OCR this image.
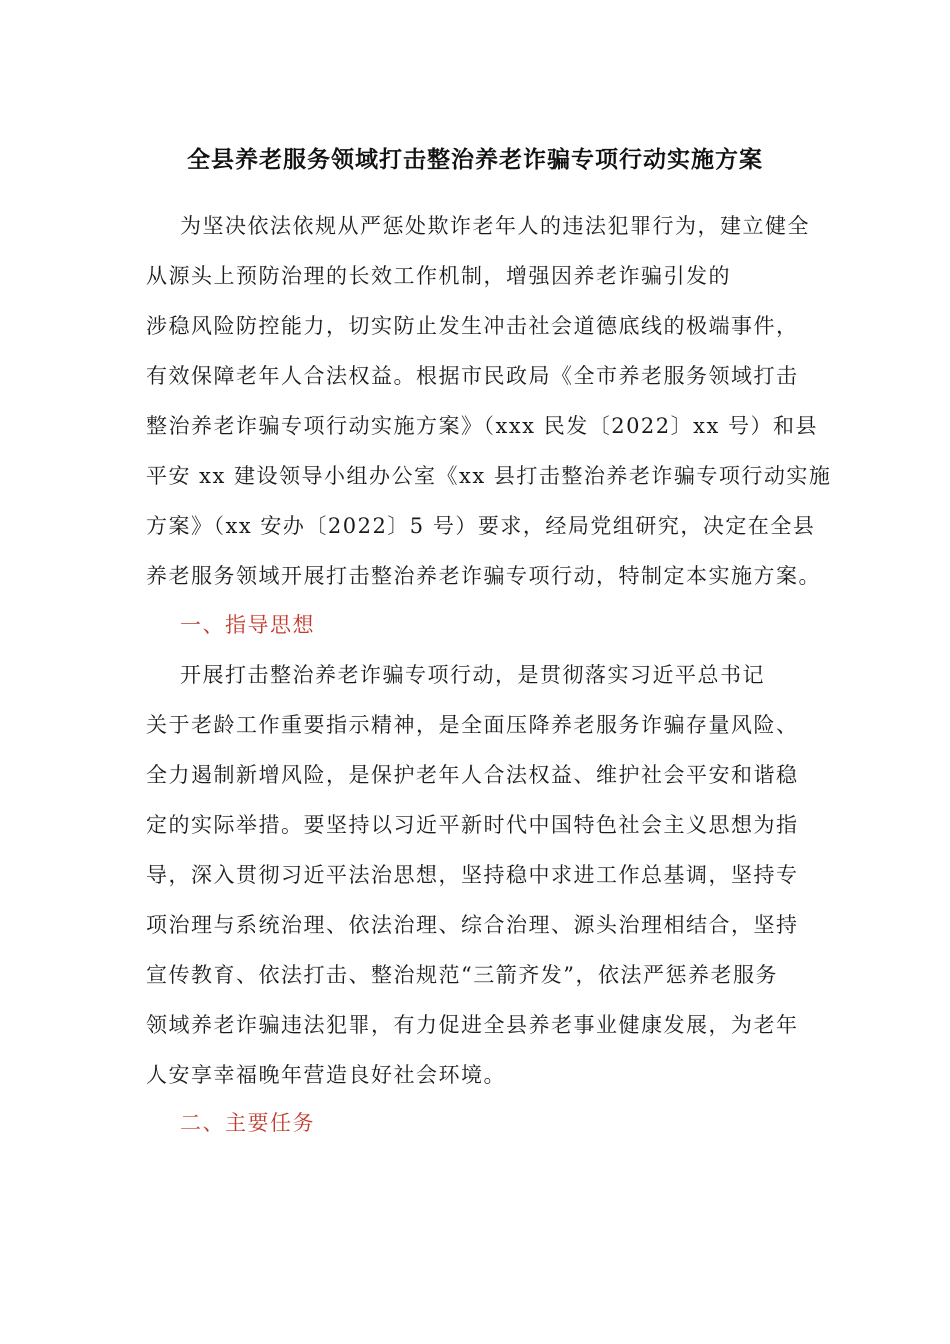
全县养老服务领域打击整治养老诈骗专项行动实施方案
为坚决依法依规从严惩处欺诈老年人的违法犯罪行为，建立健全
从源头上预防治理的长效工作机制，增强因养老诈骗引发的
涉稳风险防控能力，切实防止发生冲击社会道德底线的极端事件，
有效保障老年人合法权益。根据市民政局《全市养老服务领域打击
整治养老诈骗专项行动实施方案》（xxx 民发〔2022〕xx 号）和县
平安 xx 建设领导小组办公室《xx 县打击整治养老诈骗专项行动实施
方案》（xx 安办〔2022〕5 号）要求，经局党组研究，决定在全县
养老服务领域开展打击整治养老诈骗专项行动，特制定本实施方案。
一、指导思想
开展打击整治养老诈骗专项行动，是贯彻落实习近平总书记
关于老龄工作重要指示精神，是全面压降养老服务诈骗存量风险、
全力遏制新增风险，是保护老年人合法权益、维护社会平安和谐稳
定的实际举措。要坚持以习近平新时代中国特色社会主义思想为指
导，深入贯彻习近平法治思想，坚持稳中求进工作总基调，坚持专
项治理与系统治理、依法治理、综合治理、源头治理相结合，坚持
宣传教育、依法打击、整治规范“三箭齐发”，依法严惩养老服务
领域养老诈骗违法犯罪，有力促进全县养老事业健康发展，为老年
人安享幸福晚年营造良好社会环境。
二、主要任务
